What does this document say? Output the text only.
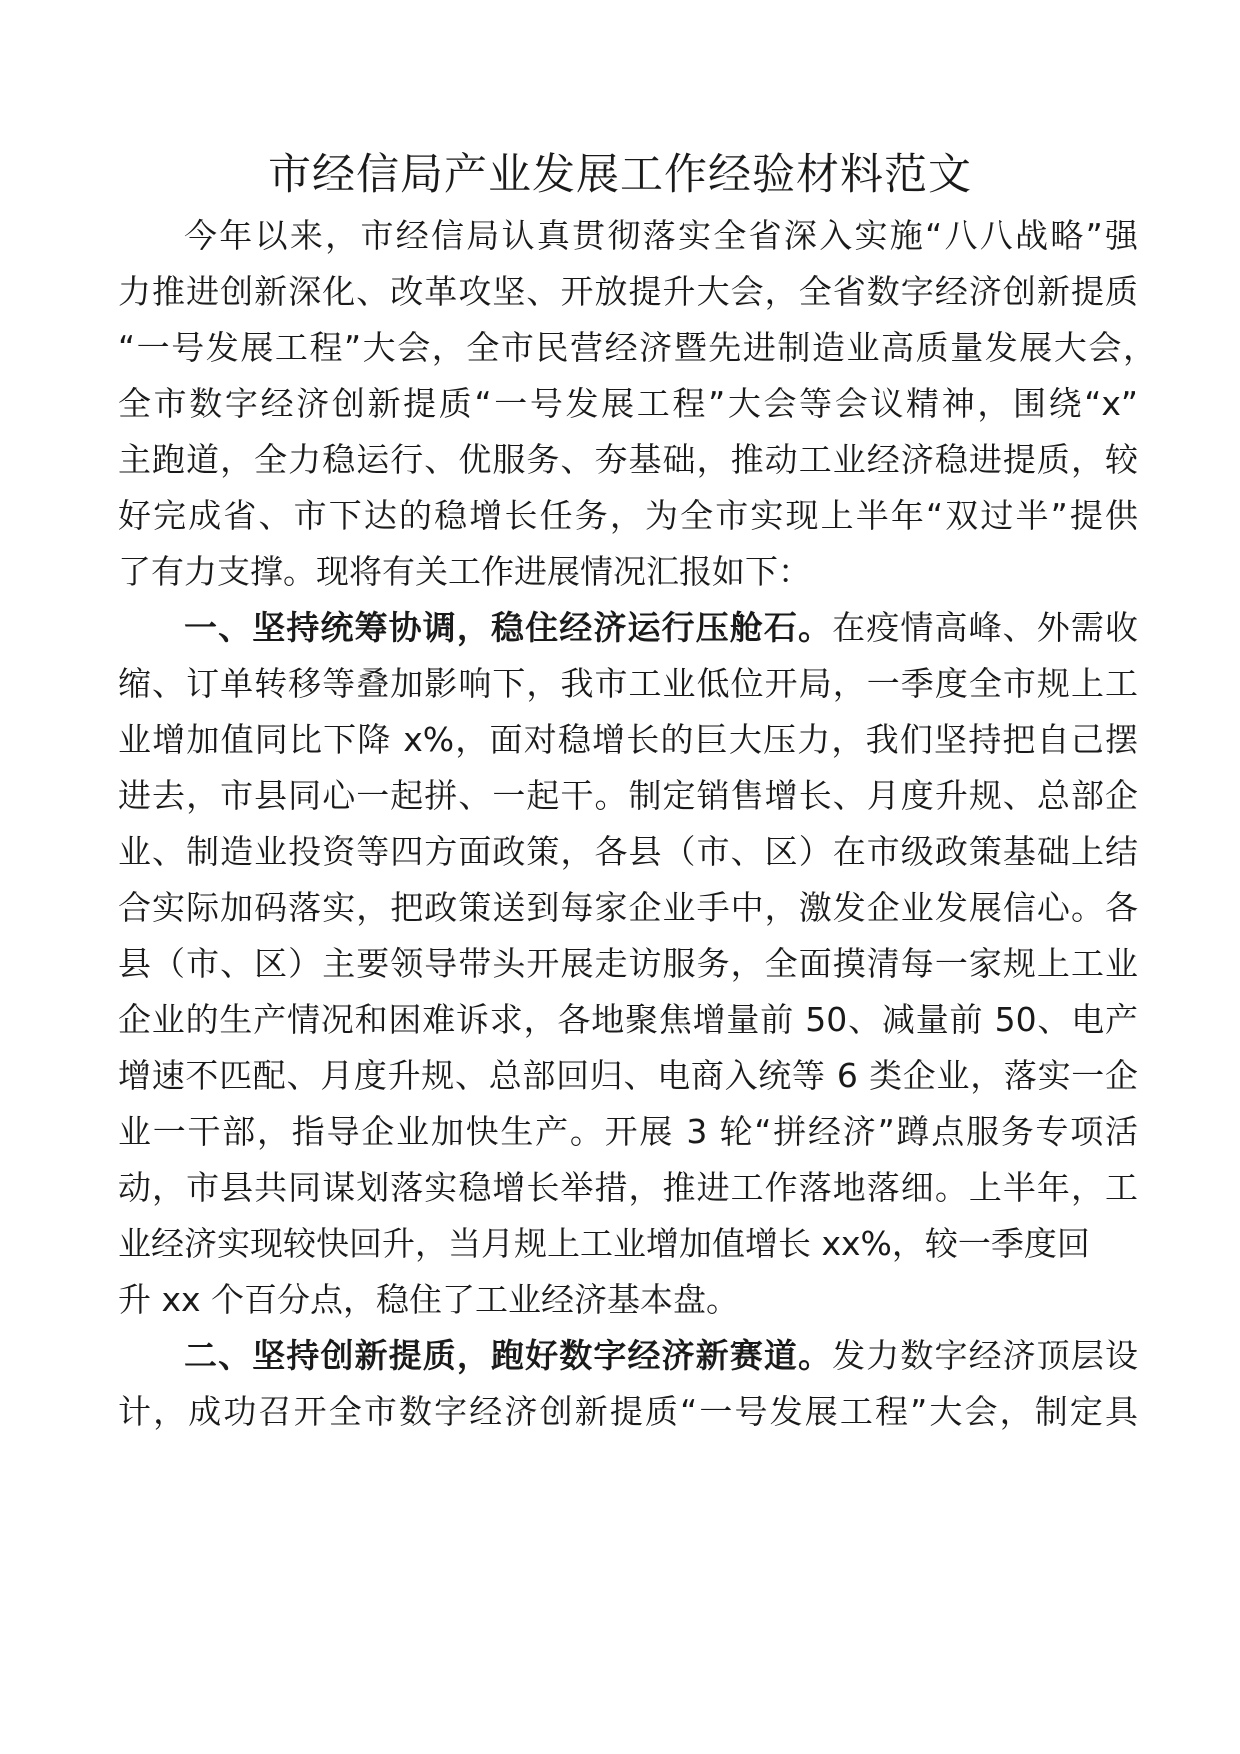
市经信局产业发展工作经验材料范文
今年以来，市经信局认真贯彻落实全省深入实施“八八战略”强
力推进创新深化、改革攻坚、开放提升大会，全省数字经济创新提质
“一号发展工程”大会，全市民营经济暨先进制造业高质量发展大会，
全市数字经济创新提质“一号发展工程”大会等会议精神，围绕“x”
主跑道，全力稳运行、优服务、夯基础，推动工业经济稳进提质，较
好完成省、市下达的稳增长任务，为全市实现上半年“双过半”提供
了有力支撑。现将有关工作进展情况汇报如下：
一、坚持统筹协调，稳住经济运行压舱石。在疫情高峰、外需收
缩、订单转移等叠加影响下，我市工业低位开局，一季度全市规上工
业增加值同比下降 x%，面对稳增长的巨大压力，我们坚持把自己摆
进去，市县同心一起拼、一起干。制定销售增长、月度升规、总部企
业、制造业投资等四方面政策，各县（市、区）在市级政策基础上结
合实际加码落实，把政策送到每家企业手中，激发企业发展信心。各
县（市、区）主要领导带头开展走访服务，全面摸清每一家规上工业
企业的生产情况和困难诉求，各地聚焦增量前 50、减量前 50、电产
增速不匹配、月度升规、总部回归、电商入统等 6 类企业，落实一企
业一干部，指导企业加快生产。开展 3 轮“拼经济”蹲点服务专项活
动，市县共同谋划落实稳增长举措，推进工作落地落细。上半年，工
业经济实现较快回升，当月规上工业增加值增长 xx%，较一季度回
升 xx 个百分点，稳住了工业经济基本盘。
二、坚持创新提质，跑好数字经济新赛道。发力数字经济顶层设
计，成功召开全市数字经济创新提质“一号发展工程”大会，制定具
